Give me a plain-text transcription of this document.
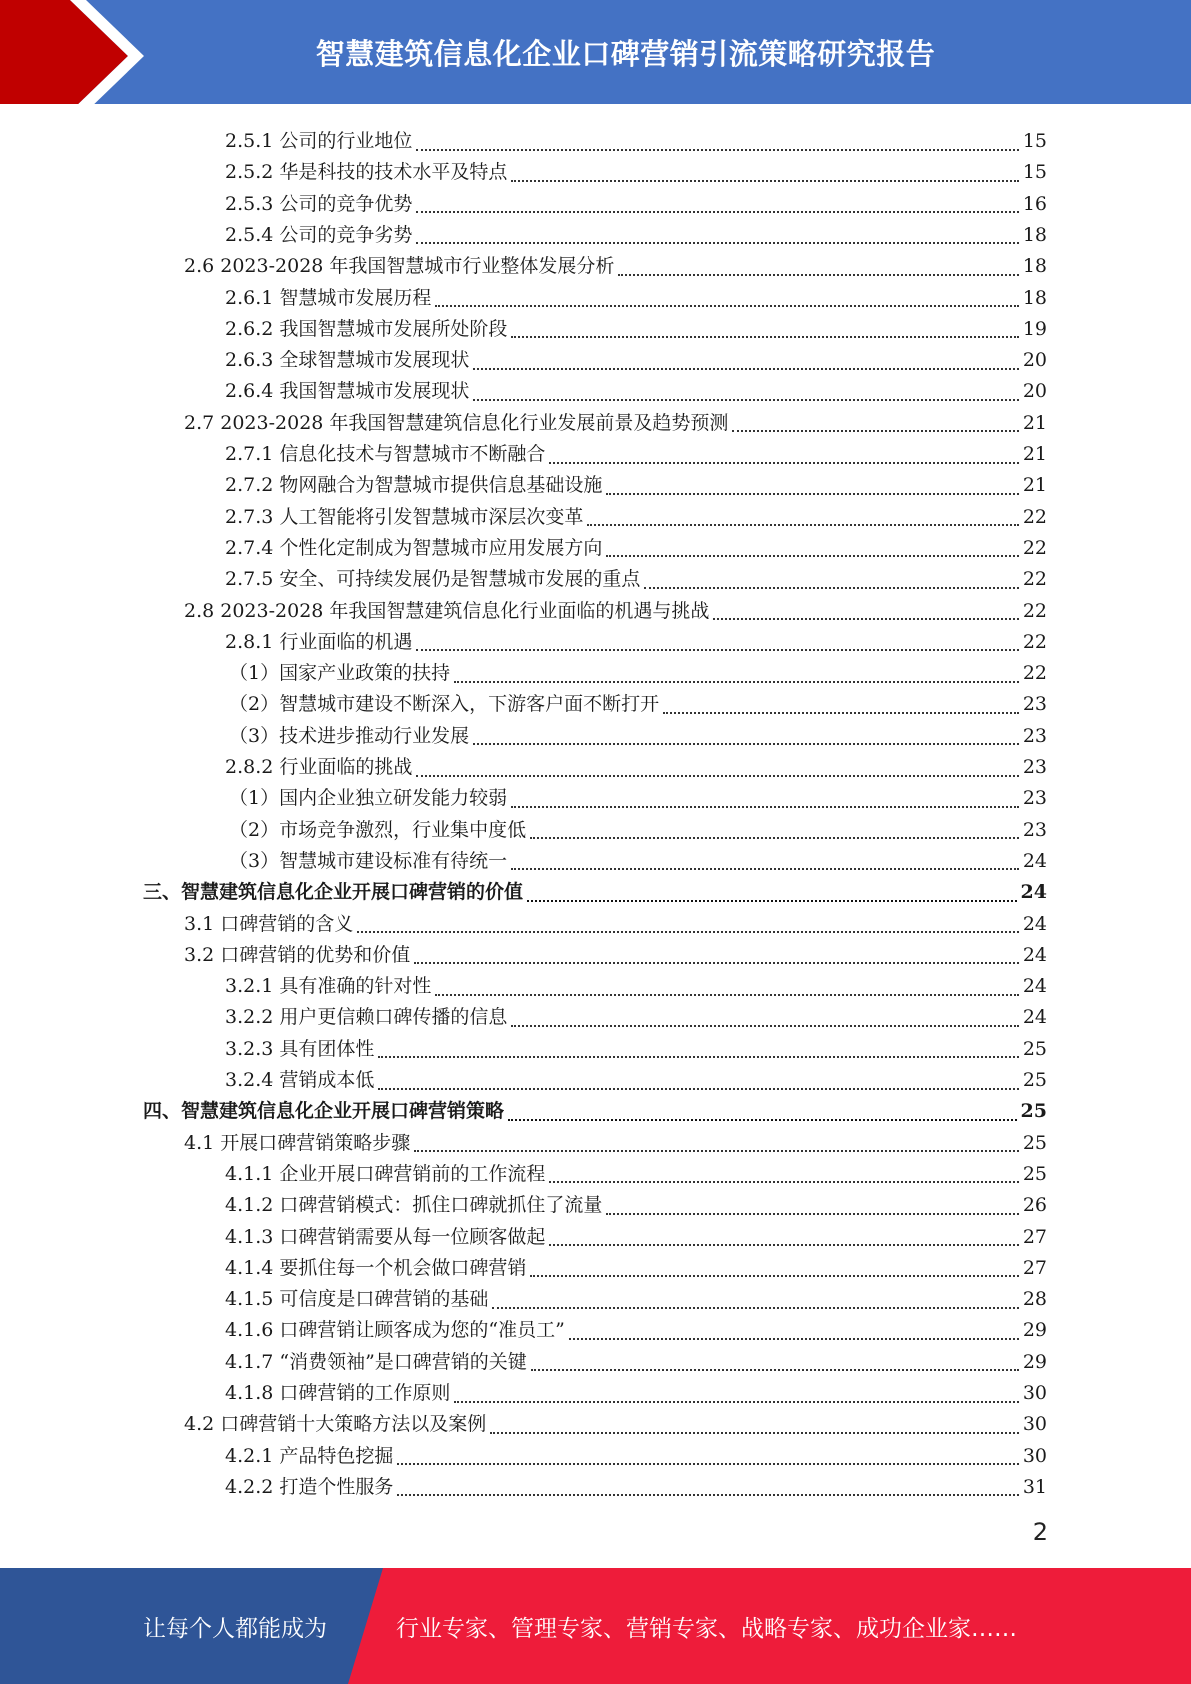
智慧建筑信息化企业口碑营销引流策略研究报告
2.5.1 公司的行业地位	15
2.5.2 华是科技的技术水平及特点	15
2.5.3 公司的竞争优势	16
2.5.4 公司的竞争劣势	18
2.6 2023-2028 年我国智慧城市行业整体发展分析	18
2.6.1 智慧城市发展历程	18
2.6.2 我国智慧城市发展所处阶段	19
2.6.3 全球智慧城市发展现状	20
2.6.4 我国智慧城市发展现状	20
2.7 2023-2028 年我国智慧建筑信息化行业发展前景及趋势预测	21
2.7.1 信息化技术与智慧城市不断融合	21
2.7.2 物网融合为智慧城市提供信息基础设施	21
2.7.3 人工智能将引发智慧城市深层次变革	22
2.7.4 个性化定制成为智慧城市应用发展方向	22
2.7.5 安全、可持续发展仍是智慧城市发展的重点	22
2.8 2023-2028 年我国智慧建筑信息化行业面临的机遇与挑战	22
2.8.1 行业面临的机遇	22
（1）国家产业政策的扶持	22
（2）智慧城市建设不断深入，下游客户面不断打开	23
（3）技术进步推动行业发展	23
2.8.2 行业面临的挑战	23
（1）国内企业独立研发能力较弱	23
（2）市场竞争激烈，行业集中度低	23
（3）智慧城市建设标准有待统一	24
三、智慧建筑信息化企业开展口碑营销的价值	24
3.1 口碑营销的含义	24
3.2 口碑营销的优势和价值	24
3.2.1 具有准确的针对性	24
3.2.2 用户更信赖口碑传播的信息	24
3.2.3 具有团体性	25
3.2.4 营销成本低	25
四、智慧建筑信息化企业开展口碑营销策略	25
4.1 开展口碑营销策略步骤	25
4.1.1 企业开展口碑营销前的工作流程	25
4.1.2 口碑营销模式：抓住口碑就抓住了流量	26
4.1.3 口碑营销需要从每一位顾客做起	27
4.1.4 要抓住每一个机会做口碑营销	27
4.1.5 可信度是口碑营销的基础	28
4.1.6 口碑营销让顾客成为您的“准员工”	29
4.1.7 “消费领袖”是口碑营销的关键	29
4.1.8 口碑营销的工作原则	30
4.2 口碑营销十大策略方法以及案例	30
4.2.1 产品特色挖掘	30
4.2.2 打造个性服务	31
2
让每个人都能成为	行业专家、管理专家、营销专家、战略专家、成功企业家……
